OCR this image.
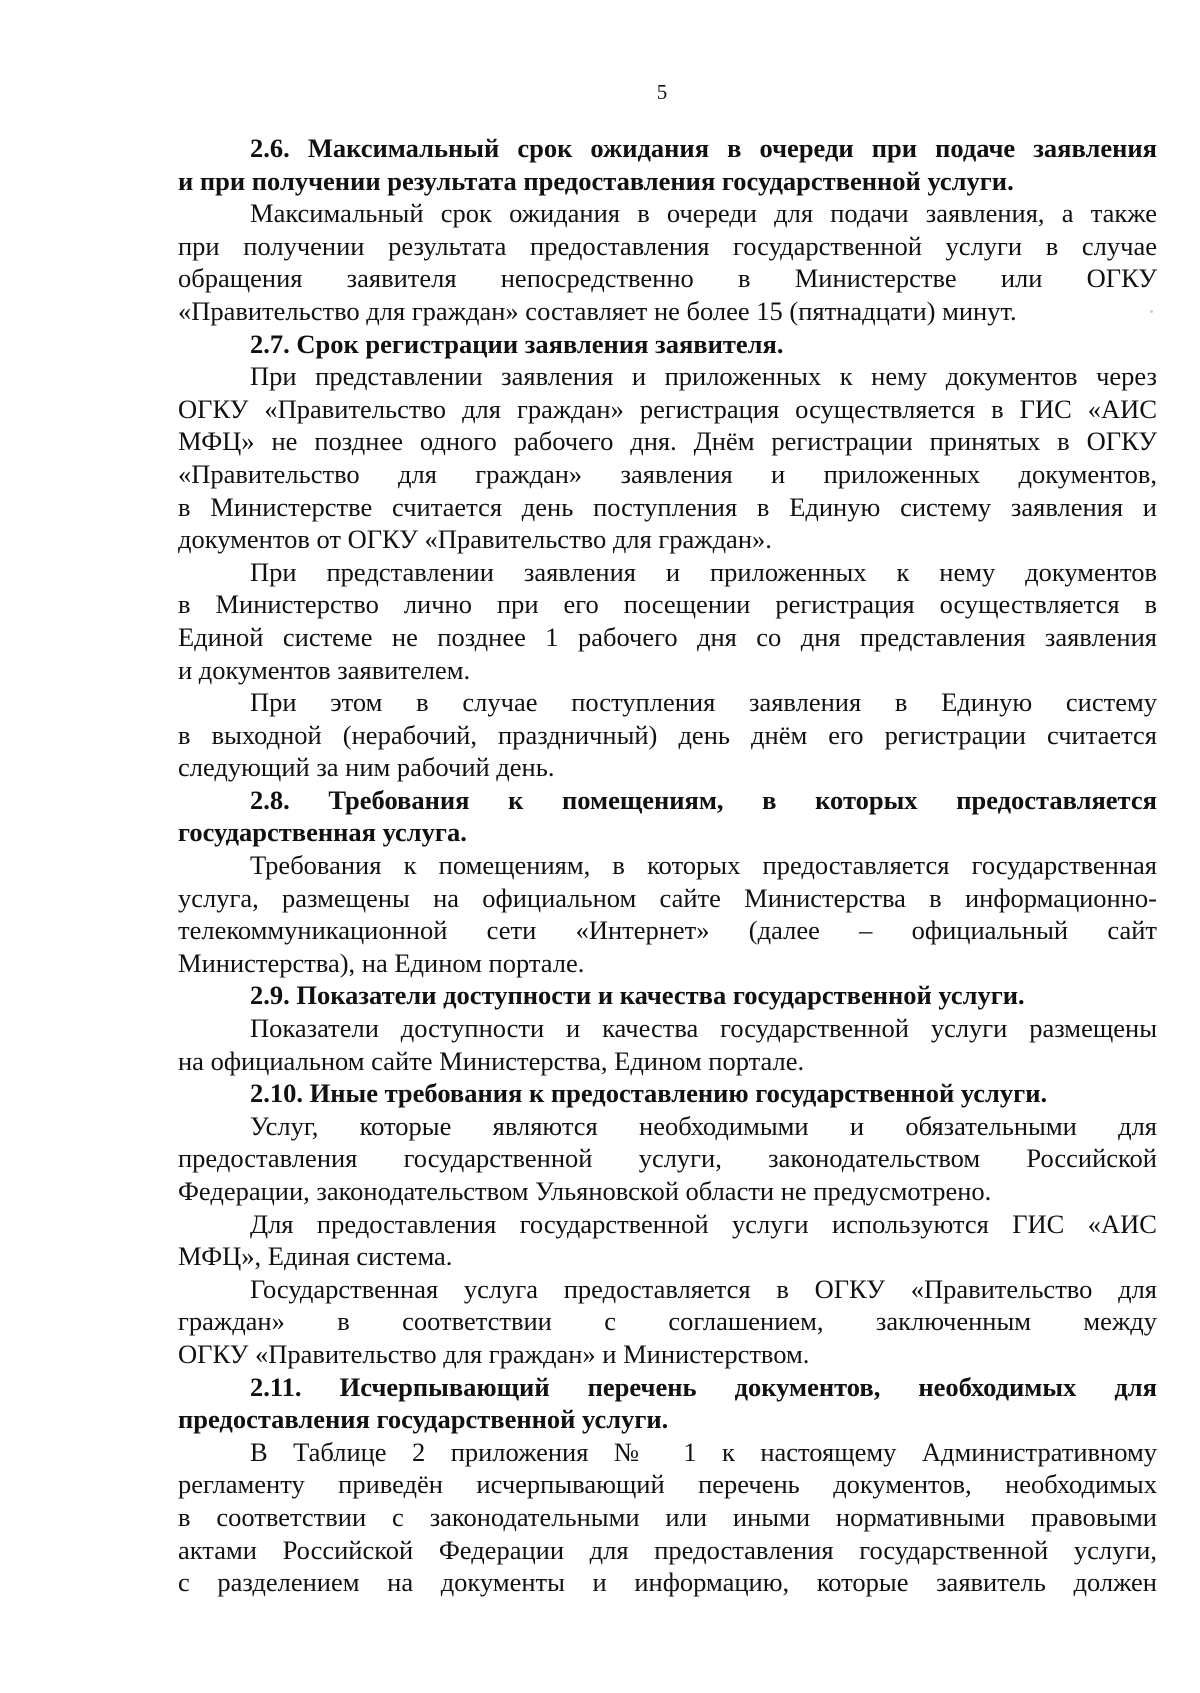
5
2.6. Максимальный срок ожидания в очереди при подаче заявления
и при получении результата предоставления государственной услуги.
Максимальный срок ожидания в очереди для подачи заявления, а также
при получении результата предоставления государственной услуги в случае
обращения заявителя непосредственно в Министерстве или ОГКУ
«Правительство для граждан» составляет не более 15 (пятнадцати) минут.
2.7. Срок регистрации заявления заявителя.
При представлении заявления и приложенных к нему документов через
ОГКУ «Правительство для граждан» регистрация осуществляется в ГИС «АИС
МФЦ» не позднее одного рабочего дня. Днём регистрации принятых в ОГКУ
«Правительство для граждан» заявления и приложенных документов,
в Министерстве считается день поступления в Единую систему заявления и
документов от ОГКУ «Правительство для граждан».
При представлении заявления и приложенных к нему документов
в Министерство лично при его посещении регистрация осуществляется в
Единой системе не позднее 1 рабочего дня со дня представления заявления
и документов заявителем.
При этом в случае поступления заявления в Единую систему
в выходной (нерабочий, праздничный) день днём его регистрации считается
следующий за ним рабочий день.
2.8. Требования к помещениям, в которых предоставляется
государственная услуга.
Требования к помещениям, в которых предоставляется государственная
услуга, размещены на официальном сайте Министерства в информационно-
телекоммуникационной сети «Интернет» (далее – официальный сайт
Министерства), на Едином портале.
2.9. Показатели доступности и качества государственной услуги.
Показатели доступности и качества государственной услуги размещены
на официальном сайте Министерства, Едином портале.
2.10. Иные требования к предоставлению государственной услуги.
Услуг, которые являются необходимыми и обязательными для
предоставления государственной услуги, законодательством Российской
Федерации, законодательством Ульяновской области не предусмотрено.
Для предоставления государственной услуги используются ГИС «АИС
МФЦ», Единая система.
Государственная услуга предоставляется в ОГКУ «Правительство для
граждан» в соответствии с соглашением, заключенным между
ОГКУ «Правительство для граждан» и Министерством.
2.11. Исчерпывающий перечень документов, необходимых для
предоставления государственной услуги.
В Таблице 2 приложения № 1 к настоящему Административному
регламенту приведён исчерпывающий перечень документов, необходимых
в соответствии с законодательными или иными нормативными правовыми
актами Российской Федерации для предоставления государственной услуги,
с разделением на документы и информацию, которые заявитель должен
